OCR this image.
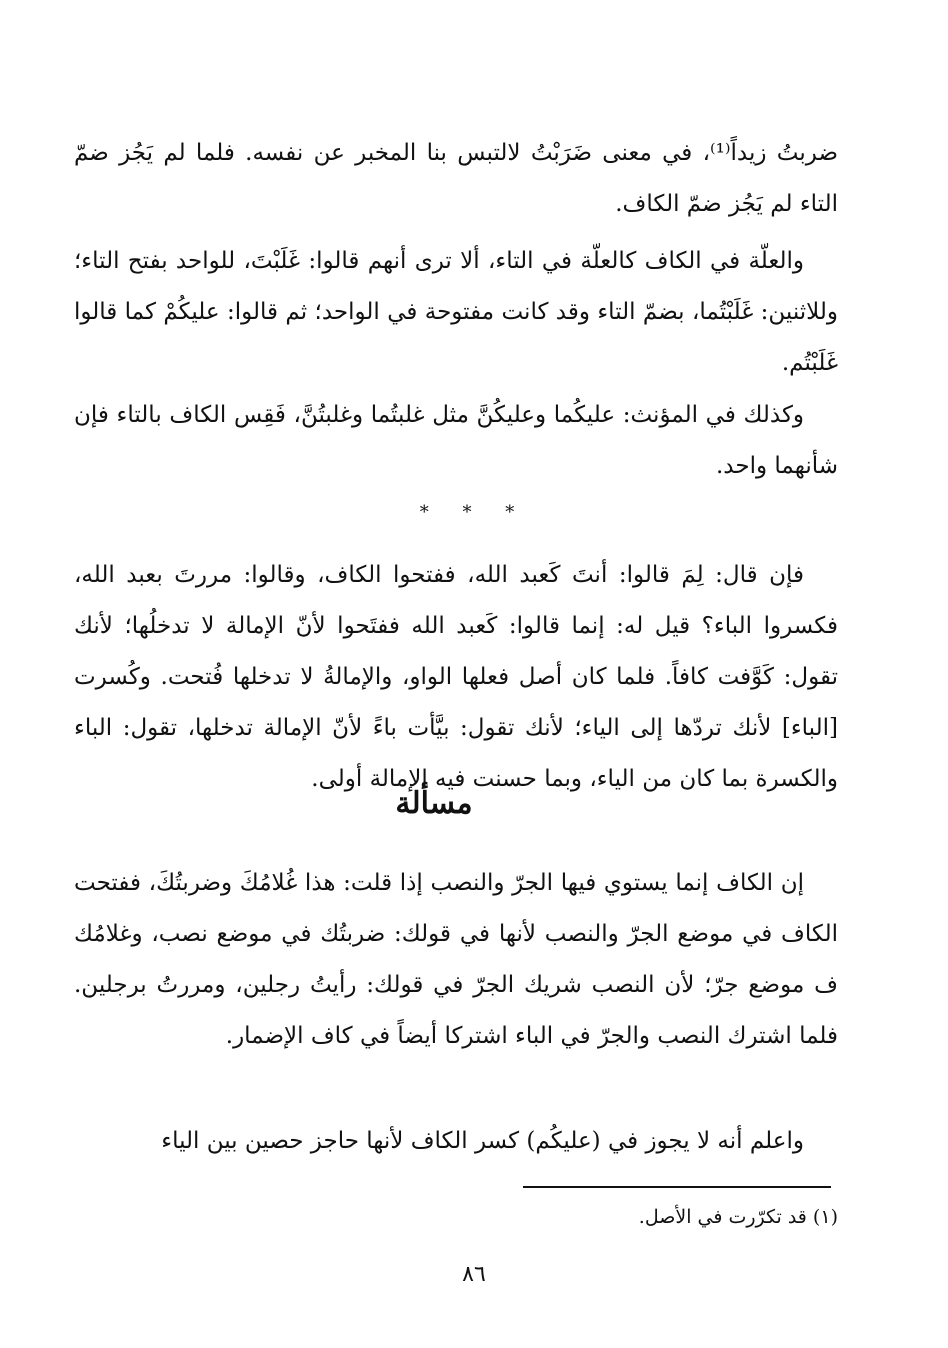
ضربتُ زيداً⁽¹⁾، في معنى ضَرَبْتُ لالتبس بنا المخبر عن نفسه. فلما لم يَجُز ضمّ التاء لم يَجُز ضمّ الكاف.

والعلّة في الكاف كالعلّة في التاء، ألا ترى أنهم قالوا: غَلَبْتَ، للواحد بفتح التاء؛ وللاثنين: غَلَبْتُما، بضمّ التاء وقد كانت مفتوحة في الواحد؛ ثم قالوا: عليكُمْ كما قالوا غَلَبْتُم.

وكذلك في المؤنث: عليكُما وعليكُنَّ مثل غلبتُما وغلبتُنَّ، فَقِس الكاف بالتاء فإن شأنهما واحد.

* * *

فإن قال: لِمَ قالوا: أنتَ كَعبد الله، ففتحوا الكاف، وقالوا: مررتَ بعبد الله، فكسروا الباء؟ قيل له: إنما قالوا: كَعبد الله ففتَحوا لأنّ الإمالة لا تدخلُها؛ لأنك تقول: كَوَّفت كافاً. فلما كان أصل فعلها الواو، والإمالةُ لا تدخلها فُتحت. وكُسرت [الباء] لأنك تردّها إلى الياء؛ لأنك تقول: بيَّأت باءً لأنّ الإمالة تدخلها، تقول: الباء والكسرة بما كان من الياء، وبما حسنت فيه الإمالة أولى.

مسألة

إن الكاف إنما يستوي فيها الجرّ والنصب إذا قلت: هذا غُلامُكَ وضربتُكَ، ففتحت الكاف في موضع الجرّ والنصب لأنها في قولك: ضربتُك في موضع نصب، وغلامُك ف موضع جرّ؛ لأن النصب شريك الجرّ في قولك: رأيتُ رجلين، ومررتُ برجلين. فلما اشترك النصب والجرّ في الباء اشتركا أيضاً في كاف الإضمار.

واعلم أنه لا يجوز في (عليكُم) كسر الكاف لأنها حاجز حصين بين الياء

(١) قد تكرّرت في الأصل.

٨٦
